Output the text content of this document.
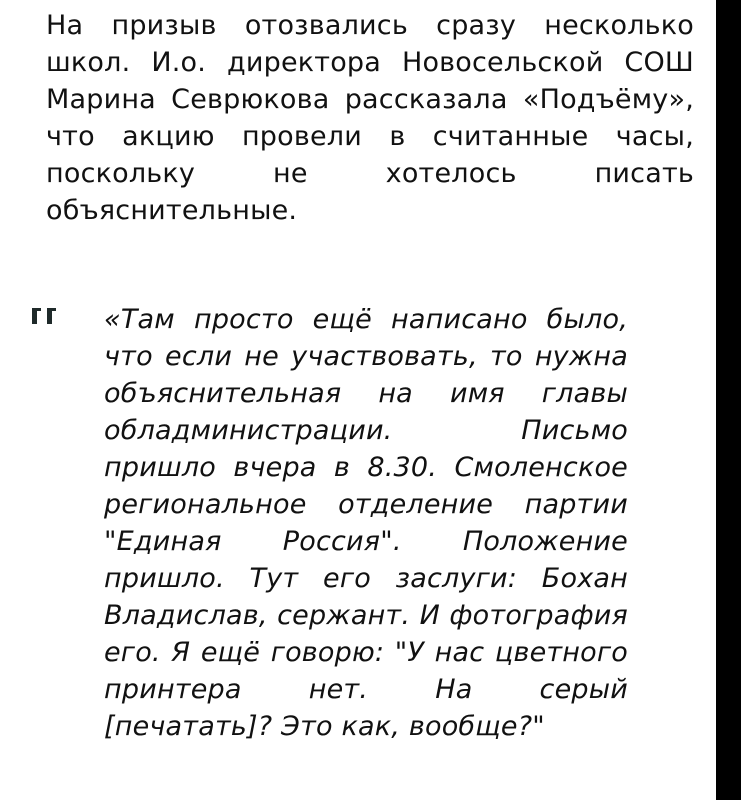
На призыв отозвались сразу несколько школ. И.о. директора Новосельской СОШ Марина Севрюкова рассказала «Подъёму», что акцию провели в считанные часы, поскольку не хотелось писать объяснительные.
«Там просто ещё написано было, что если не участвовать, то нужна объяснительная на имя главы обладминистрации. Письмо пришло вчера в 8.30. Смоленское региональное отделение партии "Единая Россия". Положение пришло. Тут его заслуги: Бохан Владислав, сержант. И фотография его. Я ещё говорю: "У нас цветного принтера нет. На серый [печатать]? Это как, вообще?"
